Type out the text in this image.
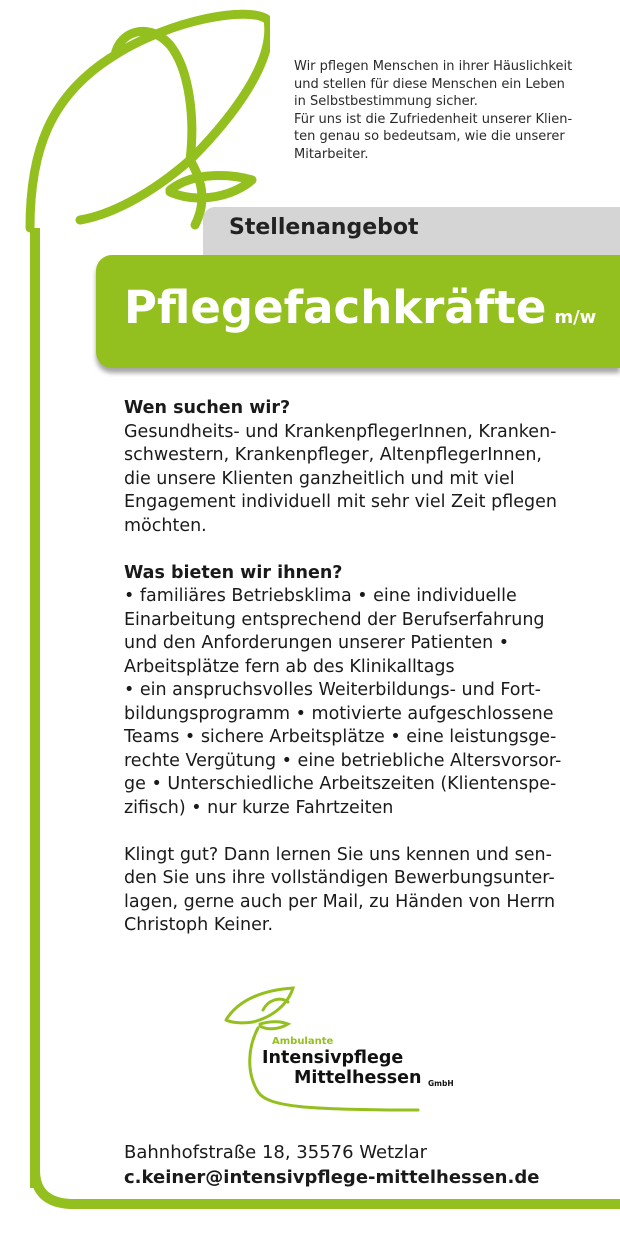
Wir pflegen Menschen in ihrer Häuslichkeit

und stellen für diese Menschen ein Leben

in Selbstbestimmung sicher.

Für uns ist die Zufriedenheit unserer Klien-

ten genau so bedeutsam, wie die unserer

Mitarbeiter.

Stellenangebot
Pflegefachkräfte m/w

Wen suchen wir?

Gesundheits- und KrankenpflegerInnen, Kranken-

schwestern, Krankenpfleger, AltenpflegerInnen,

die unsere Klienten ganzheitlich und mit viel

Engagement individuell mit sehr viel Zeit pflegen

möchten.

Was bieten wir ihnen?

• familiäres Betriebsklima • eine individuelle

Einarbeitung entsprechend der Berufserfahrung

und den Anforderungen unserer Patienten •

Arbeitsplätze fern ab des Klinikalltags

• ein anspruchsvolles Weiterbildungs- und Fort-

bildungsprogramm • motivierte aufgeschlossene

Teams • sichere Arbeitsplätze • eine leistungsge-

rechte Vergütung • eine betriebliche Altersvorsor-

ge • Unterschiedliche Arbeitszeiten (Klientenspe-

zifisch) • nur kurze Fahrtzeiten

Klingt gut? Dann lernen Sie uns kennen und sen-

den Sie uns ihre vollständigen Bewerbungsunter-

lagen, gerne auch per Mail, zu Händen von Herrn

Christoph Keiner.

Ambulante
Intensivpflege
Mittelhessen GmbH
Bahnhofstraße 18, 35576 Wetzlar
c.keiner@intensivpflege-mittelhessen.de
